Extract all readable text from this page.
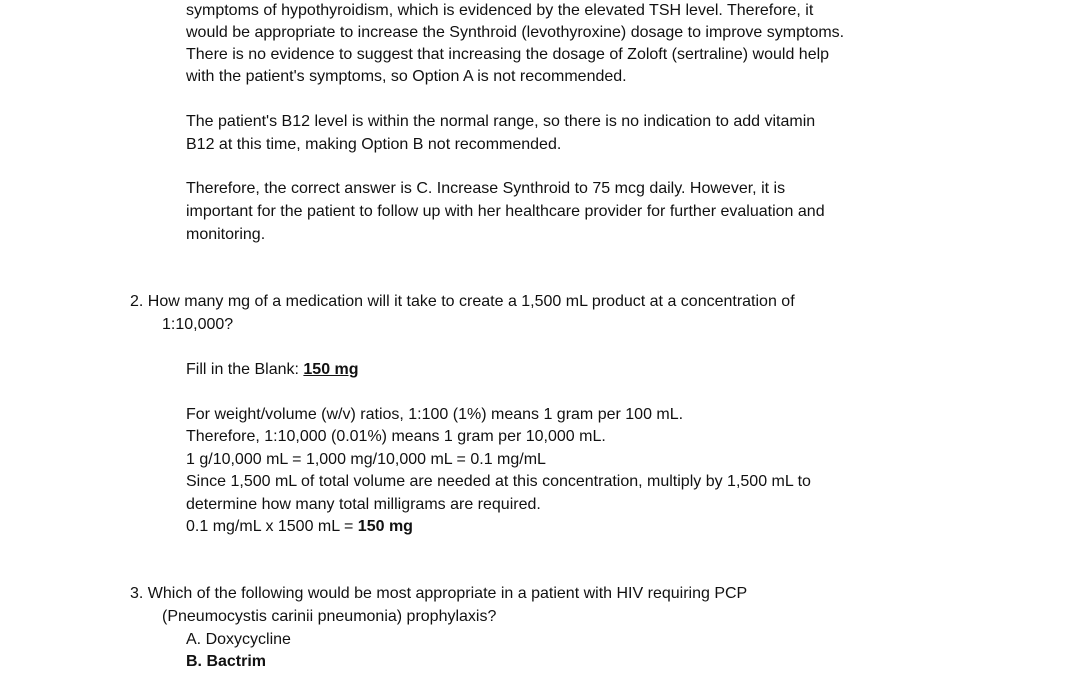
symptoms of hypothyroidism, which is evidenced by the elevated TSH level. Therefore, it

would be appropriate to increase the Synthroid (levothyroxine) dosage to improve symptoms.

There is no evidence to suggest that increasing the dosage of Zoloft (sertraline) would help

with the patient's symptoms, so Option A is not recommended.

The patient's B12 level is within the normal range, so there is no indication to add vitamin

B12 at this time, making Option B not recommended.

Therefore, the correct answer is C. Increase Synthroid to 75 mcg daily. However, it is

important for the patient to follow up with her healthcare provider for further evaluation and

monitoring.

2. How many mg of a medication will it take to create a 1,500 mL product at a concentration of

1:10,000?

Fill in the Blank: 150 mg

For weight/volume (w/v) ratios, 1:100 (1%) means 1 gram per 100 mL.

Therefore, 1:10,000 (0.01%) means 1 gram per 10,000 mL.

1 g/10,000 mL = 1,000 mg/10,000 mL = 0.1 mg/mL

Since 1,500 mL of total volume are needed at this concentration, multiply by 1,500 mL to

determine how many total milligrams are required.

0.1 mg/mL x 1500 mL = 150 mg

3. Which of the following would be most appropriate in a patient with HIV requiring PCP

(Pneumocystis carinii pneumonia) prophylaxis?

A. Doxycycline

B. Bactrim
